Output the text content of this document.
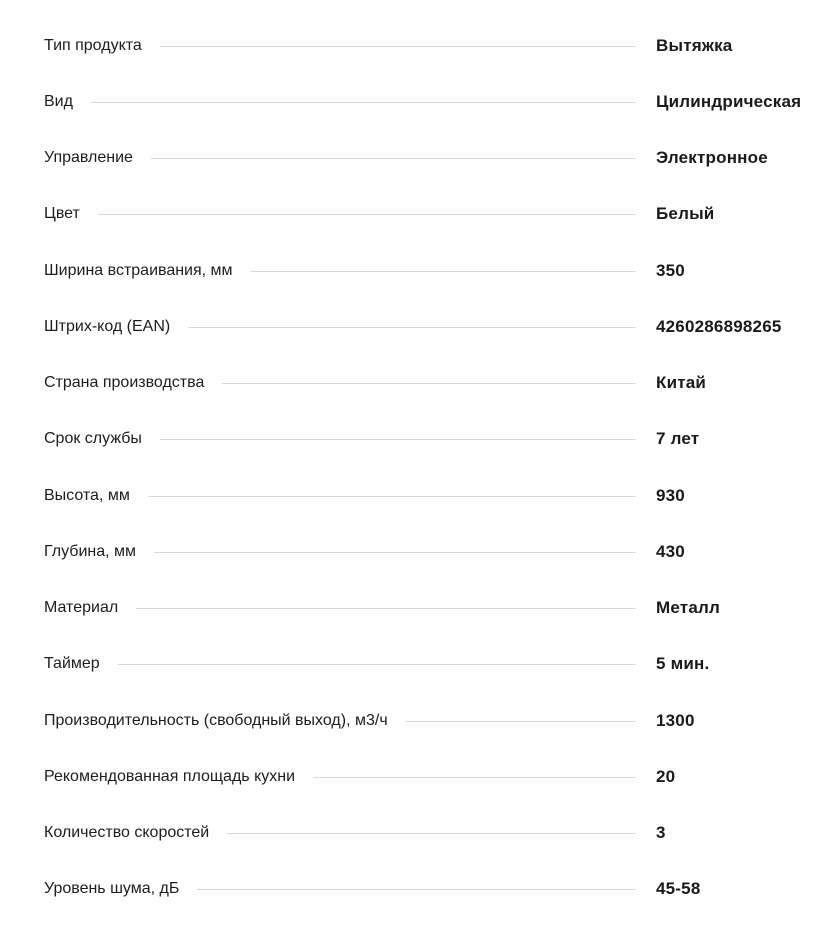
Тип продукта	Вытяжка
Вид	Цилиндрическая
Управление	Электронное
Цвет	Белый
Ширина встраивания, мм	350
Штрих-код (EAN)	4260286898265
Страна производства	Китай
Срок службы	7 лет
Высота, мм	930
Глубина, мм	430
Материал	Металл
Таймер	5 мин.
Производительность (свободный выход), м3/ч	1300
Рекомендованная площадь кухни	20
Количество скоростей	3
Уровень шума, дБ	45-58
